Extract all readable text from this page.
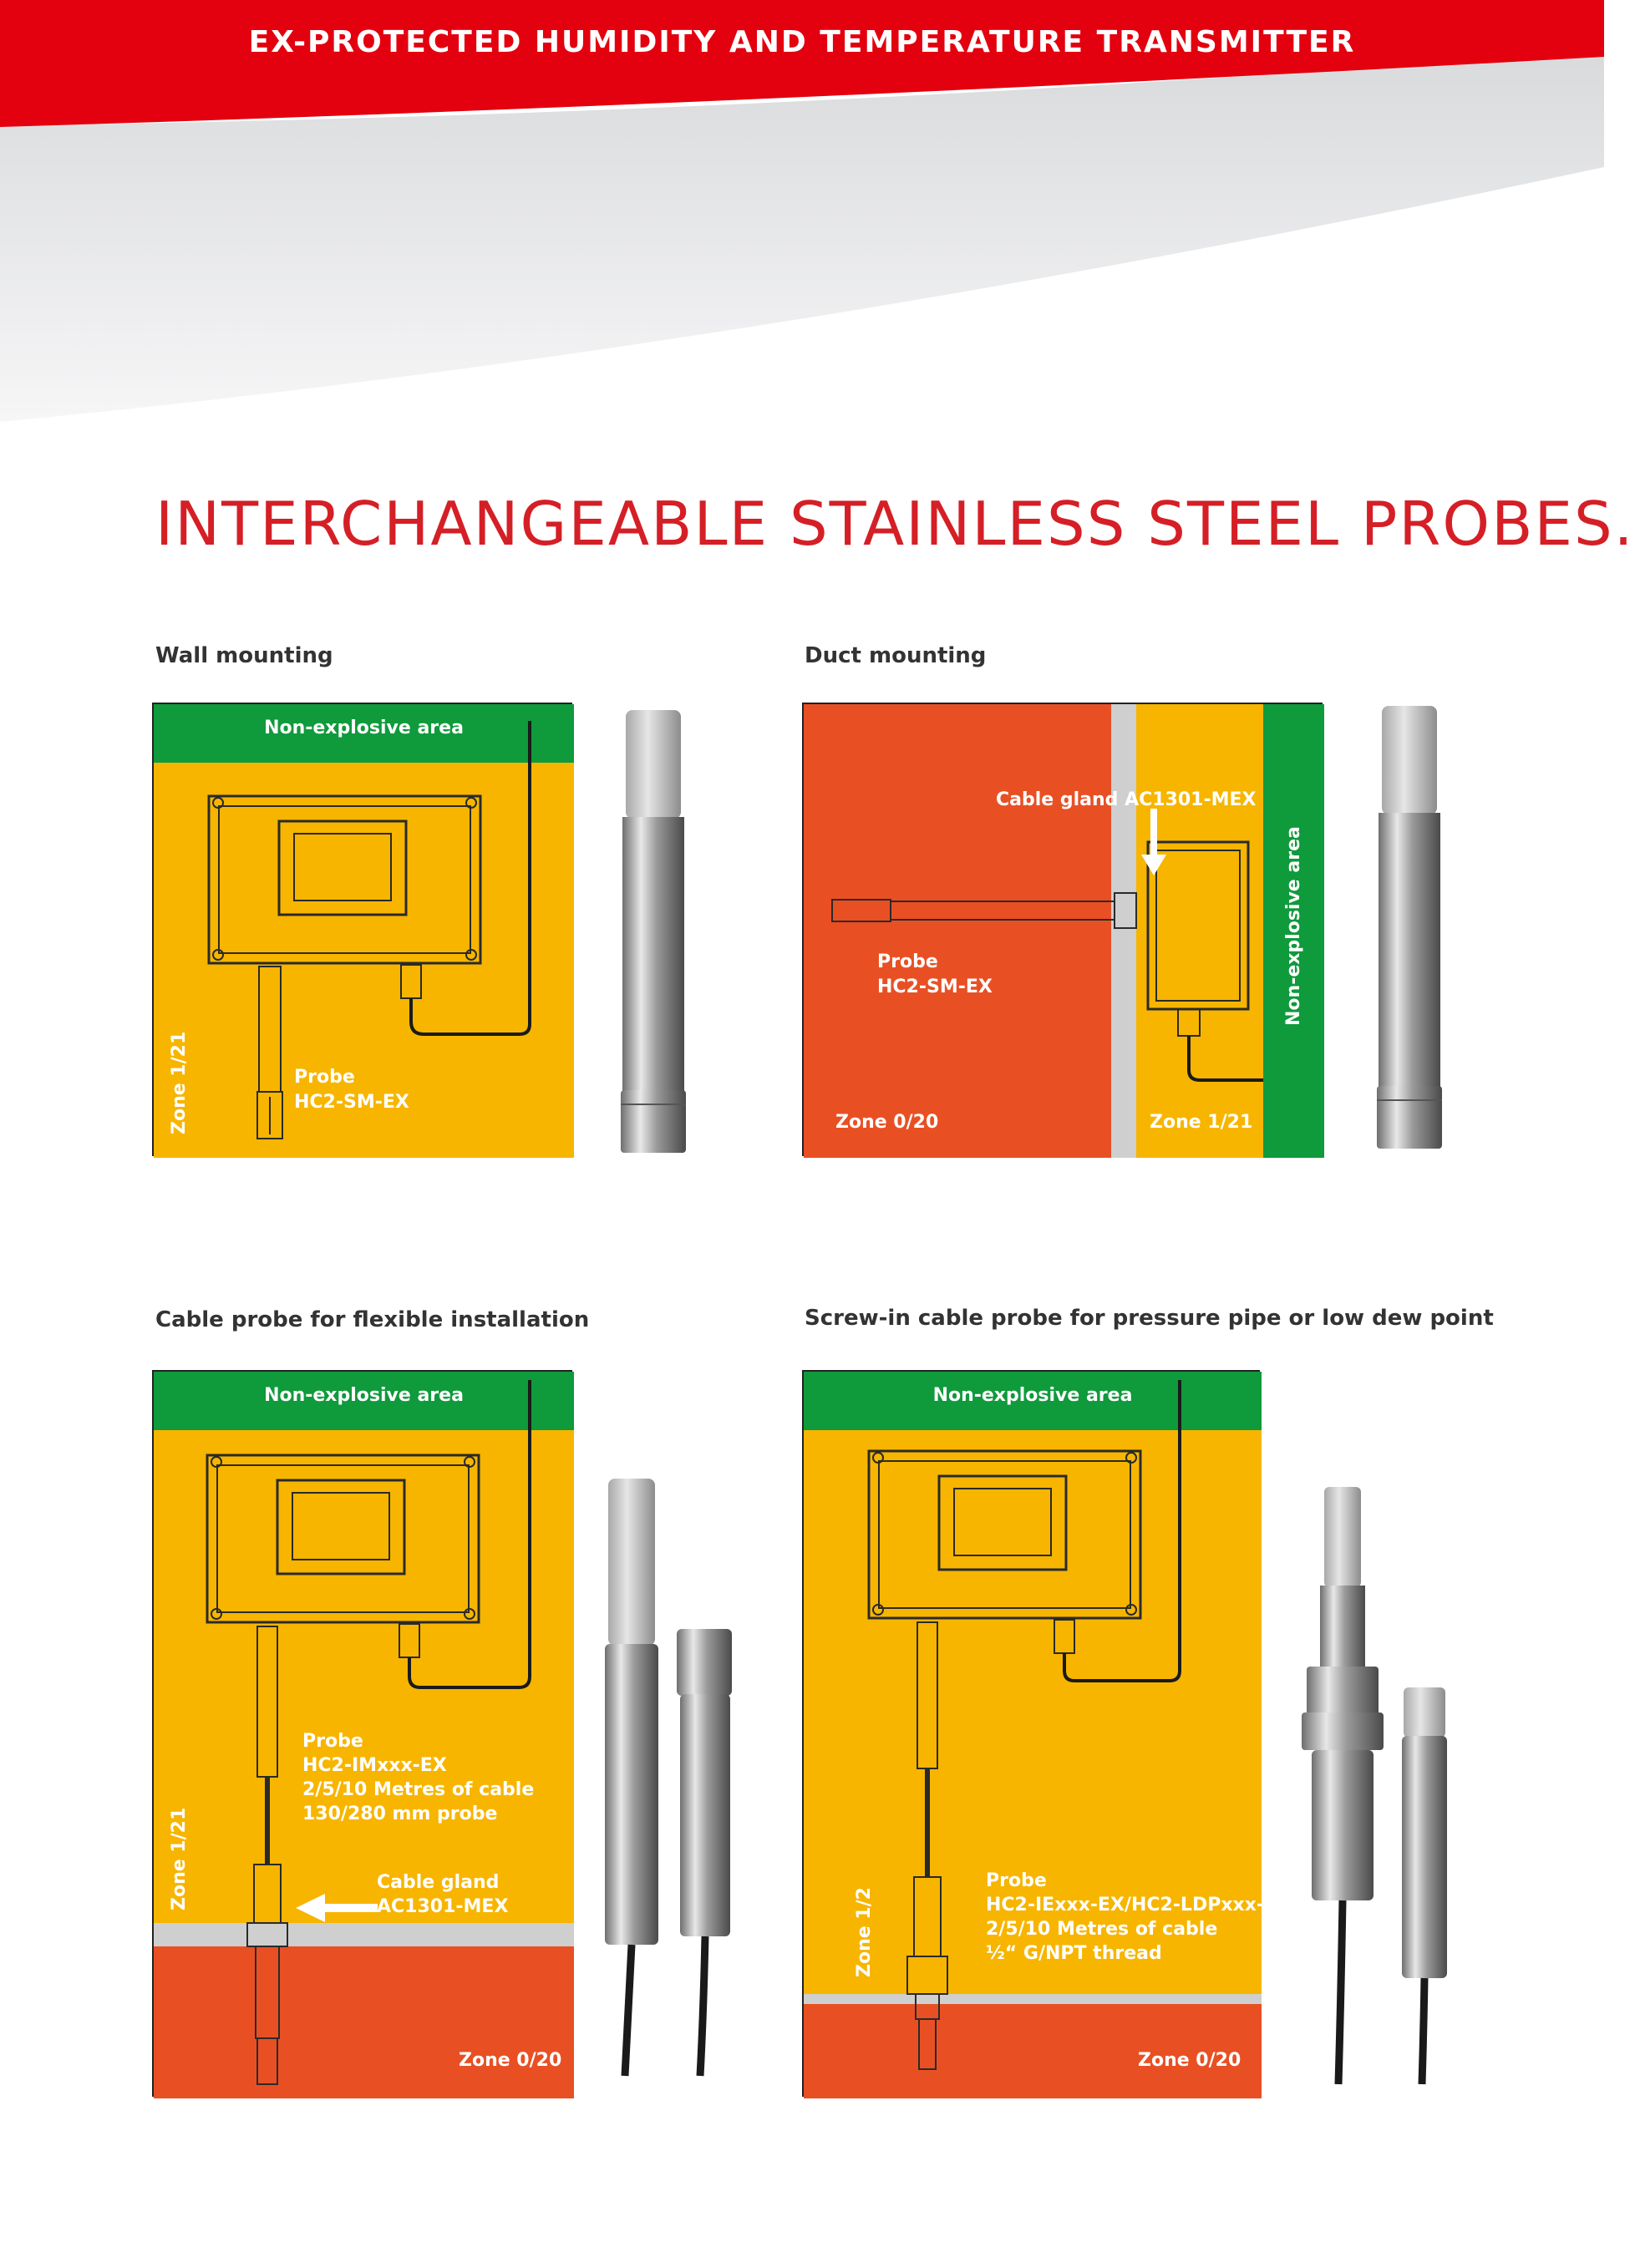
EX-PROTECTED HUMIDITY AND TEMPERATURE TRANSMITTER
INTERCHANGEABLE STAINLESS STEEL PROBES.
Wall mounting
Non-explosive area
Zone 1/21	Probe
HC2-SM-EX
Duct mounting
Cable gland AC1301-MEX
Probe
HC2-SM-EX	Non-explosive area
Zone 0/20	Zone 1/21
Cable probe for flexible installation
Non-explosive area
Zone 1/21
Probe
HC2-IMxxx-EX
2/5/10 Metres of cable
130/280 mm probe
Cable gland
AC1301-MEX
Zone 0/20
Screw-in cable probe for pressure pipe or low dew point
Non-explosive area
Zone 1/2
Probe
HC2-IExxx-EX/HC2-LDPxxx-EX
2/5/10 Metres of cable
½“ G/NPT thread
Zone 0/20
